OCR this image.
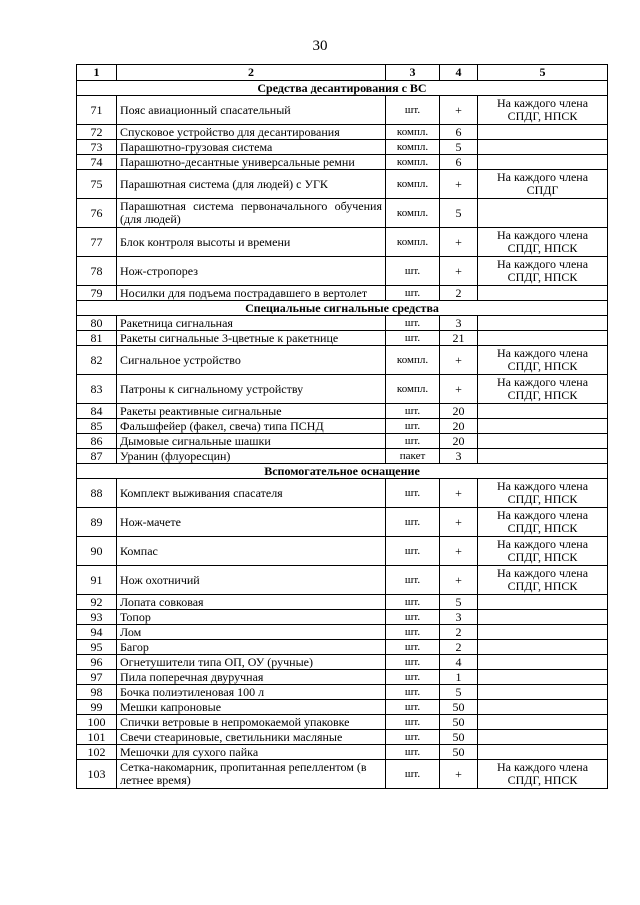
30
1	2	3	4	5
Средства десантирования с ВС				
71	Пояс авиационный спасательный	шт.	+	На каждого члена СПДГ, НПСК
72	Спусковое устройство для десантирования	компл.	6	
73	Парашютно-грузовая система	компл.	5	
74	Парашютно-десантные универсальные ремни	компл.	6	
75	Парашютная система (для людей) с УГК	компл.	+	На каждого члена СПДГ
76	Парашютная система первоначального обучения (для людей)	компл.	5	
77	Блок контроля высоты и времени	компл.	+	На каждого члена СПДГ, НПСК
78	Нож-стропорез	шт.	+	На каждого члена СПДГ, НПСК
79	Носилки для подъема пострадавшего в вертолет	шт.	2	
Специальные сигнальные средства				
80	Ракетница сигнальная	шт.	3	
81	Ракеты сигнальные 3-цветные к ракетнице	шт.	21	
82	Сигнальное устройство	компл.	+	На каждого члена СПДГ, НПСК
83	Патроны к сигнальному устройству	компл.	+	На каждого члена СПДГ, НПСК
84	Ракеты реактивные сигнальные	шт.	20	
85	Фальшфейер (факел, свеча) типа ПСНД	шт.	20	
86	Дымовые сигнальные шашки	шт.	20	
87	Уранин (флуоресцин)	пакет	3	
Вспомогательное оснащение				
88	Комплект выживания спасателя	шт.	+	На каждого члена СПДГ, НПСК
89	Нож-мачете	шт.	+	На каждого члена СПДГ, НПСК
90	Компас	шт.	+	На каждого члена СПДГ, НПСК
91	Нож охотничий	шт.	+	На каждого члена СПДГ, НПСК
92	Лопата совковая	шт.	5	
93	Топор	шт.	3	
94	Лом	шт.	2	
95	Багор	шт.	2	
96	Огнетушители типа ОП, ОУ (ручные)	шт.	4	
97	Пила поперечная двуручная	шт.	1	
98	Бочка полиэтиленовая 100 л	шт.	5	
99	Мешки капроновые	шт.	50	
100	Спички ветровые в непромокаемой упаковке	шт.	50	
101	Свечи стеариновые, светильники масляные	шт.	50	
102	Мешочки для сухого пайка	шт.	50	
103	Сетка-накомарник, пропитанная репеллентом (в летнее время)	шт.	+	На каждого члена СПДГ, НПСК
